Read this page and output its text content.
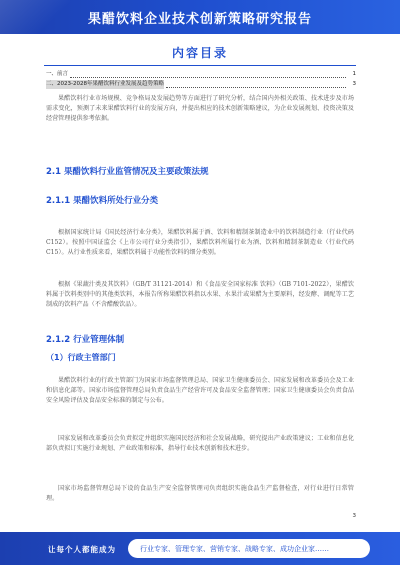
果醋饮料企业技术创新策略研究报告
内容目录
一、前言	1
二、2023-2028年果醋饮料行业发展及趋势策略	3

果醋饮料行业市场规模、竞争格局及发展趋势等方面进行了研究分析，结合国内外相关政策、技术进步及市场需求变化，预测了未来果醋饮料行业的发展方向，并提出相应的技术创新策略建议，为企业发展规划、投资决策及经营管理提供参考依据。

2.1 果醋饮料行业监管情况及主要政策法规
2.1.1 果醋饮料所处行业分类

根据国家统计局《国民经济行业分类》，果醋饮料属于酒、饮料和精制茶制造业中的饮料制造行业（行业代码C152）。按照中国证监会《上市公司行业分类指引》，果醋饮料所属行业为酒、饮料和精制茶制造业（行业代码C15）。从行业性质来看，果醋饮料属于功能性饮料的细分类别。

根据《果蔬汁类及其饮料》（GB/T 31121-2014）和《食品安全国家标准 饮料》（GB 7101-2022），果醋饮料属于饮料类别中的其他类饮料，本报告所称果醋饮料指以水果、水果汁或果醋为主要原料，经发酵、调配等工艺制成的饮料产品（不含醋酸饮品）。

2.1.2 行业管理体制
（1）行政主管部门

果醋饮料行业的行政主管部门为国家市场监督管理总局、国家卫生健康委员会、国家发展和改革委员会及工业和信息化部等。国家市场监督管理总局负责食品生产经营许可及食品安全监督管理；国家卫生健康委员会负责食品安全风险评估及食品安全标准的制定与公布。

国家发展和改革委员会负责拟定并组织实施国民经济和社会发展战略，研究提出产业政策建议；工业和信息化部负责拟订实施行业规划、产业政策和标准，指导行业技术创新和技术进步。

国家市场监督管理总局下设的食品生产安全监督管理司负责组织实施食品生产监督检查，对行业进行日常管理。

3
让每个人都能成为	行业专家、管理专家、营销专家、战略专家、成功企业家……
